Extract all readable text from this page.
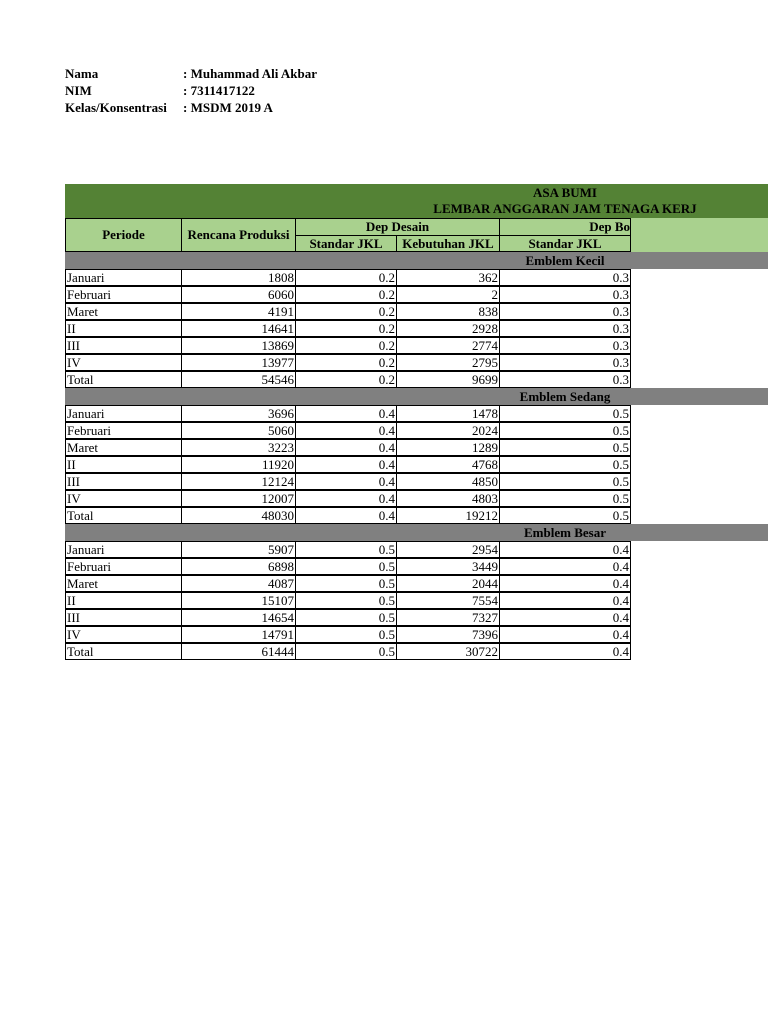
Nama	: Muhammad Ali Akbar
NIM	: 7311417122
Kelas/Konsentrasi	: MSDM 2019 A
ASA BUMI
LEMBAR ANGGARAN JAM TENAGA KERJ
Periode	Rencana Produksi
Dep Desain	Dep Bo
Standar JKL	Kebutuhan JKL	Standar JKL
Emblem Kecil
Januari	1808	0.2	362	0.3
Februari	6060	0.2	2	0.3
Maret	4191	0.2	838	0.3
II	14641	0.2	2928	0.3
III	13869	0.2	2774	0.3
IV	13977	0.2	2795	0.3
Total	54546	0.2	9699	0.3
Emblem Sedang
Januari	3696	0.4	1478	0.5
Februari	5060	0.4	2024	0.5
Maret	3223	0.4	1289	0.5
II	11920	0.4	4768	0.5
III	12124	0.4	4850	0.5
IV	12007	0.4	4803	0.5
Total	48030	0.4	19212	0.5
Emblem Besar
Januari	5907	0.5	2954	0.4
Februari	6898	0.5	3449	0.4
Maret	4087	0.5	2044	0.4
II	15107	0.5	7554	0.4
III	14654	0.5	7327	0.4
IV	14791	0.5	7396	0.4
Total	61444	0.5	30722	0.4
